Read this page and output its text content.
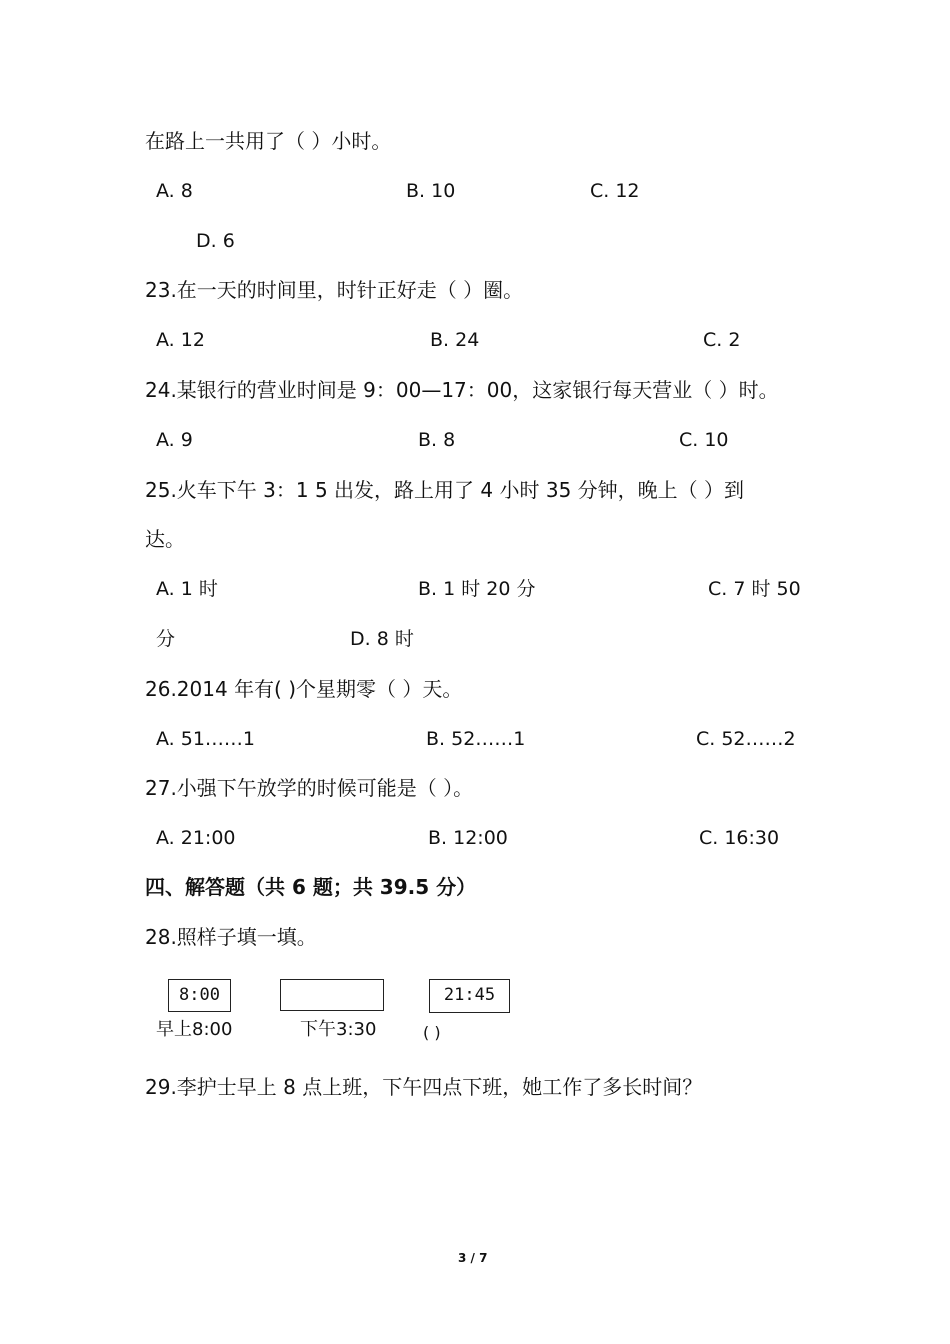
在路上一共用了（ ）小时。
A. 8	B. 10	C. 12
D. 6
23.在一天的时间里，时针正好走（ ）圈。
A. 12	B. 24	C. 2
24.某银行的营业时间是 9：00—17：00，这家银行每天营业（ ）时。
A. 9	B. 8	C. 10
25.火车下午 3：1 5 出发，路上用了 4 小时 35 分钟，晚上（ ）到
达。
A. 1 时	B. 1 时 20 分	C. 7 时 50
分	D. 8 时
26.2014 年有( )个星期零（ ）天。
A. 51……1	B. 52……1	C. 52……2
27.小强下午放学的时候可能是（ ）。
A. 21:00	B. 12:00	C. 16:30
四、解答题（共 6 题；共 39.5 分）
28.照样子填一填。
8:00
早上8:00	下午3:30
21:45
( )
29.李护士早上 8 点上班，下午四点下班，她工作了多长时间？
3 / 7
